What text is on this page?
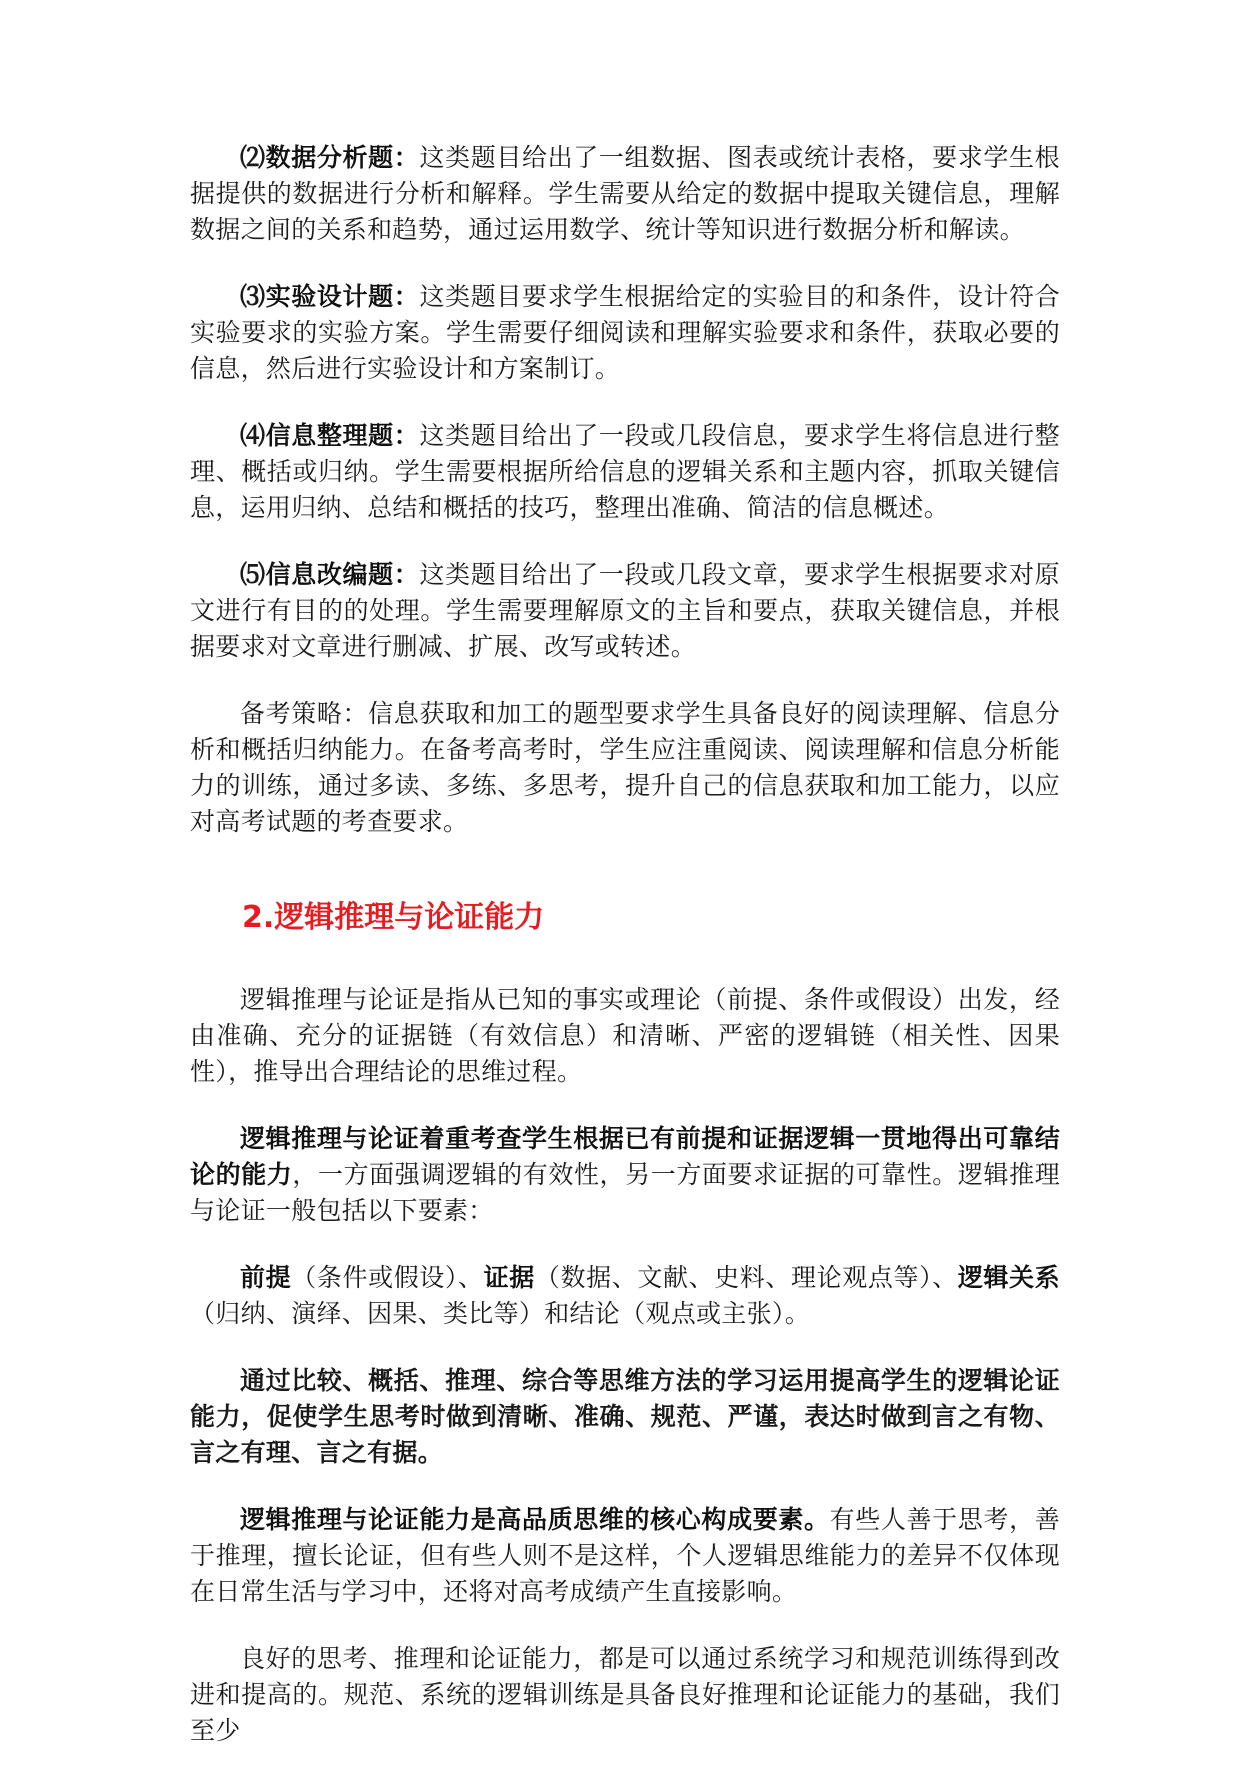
⑵数据分析题：这类题目给出了一组数据、图表或统计表格，要求学生根据提供的数据进行分析和解释。学生需要从给定的数据中提取关键信息，理解数据之间的关系和趋势，通过运用数学、统计等知识进行数据分析和解读。

⑶实验设计题：这类题目要求学生根据给定的实验目的和条件，设计符合实验要求的实验方案。学生需要仔细阅读和理解实验要求和条件，获取必要的信息，然后进行实验设计和方案制订。

⑷信息整理题：这类题目给出了一段或几段信息，要求学生将信息进行整理、概括或归纳。学生需要根据所给信息的逻辑关系和主题内容，抓取关键信息，运用归纳、总结和概括的技巧，整理出准确、简洁的信息概述。

⑸信息改编题：这类题目给出了一段或几段文章，要求学生根据要求对原文进行有目的的处理。学生需要理解原文的主旨和要点，获取关键信息，并根据要求对文章进行删减、扩展、改写或转述。

备考策略：信息获取和加工的题型要求学生具备良好的阅读理解、信息分析和概括归纳能力。在备考高考时，学生应注重阅读、阅读理解和信息分析能力的训练，通过多读、多练、多思考，提升自己的信息获取和加工能力，以应对高考试题的考查要求。

2.逻辑推理与论证能力

逻辑推理与论证是指从已知的事实或理论（前提、条件或假设）出发，经由准确、充分的证据链（有效信息）和清晰、严密的逻辑链（相关性、因果性），推导出合理结论的思维过程。

逻辑推理与论证着重考查学生根据已有前提和证据逻辑一贯地得出可靠结论的能力，一方面强调逻辑的有效性，另一方面要求证据的可靠性。逻辑推理与论证一般包括以下要素：

前提（条件或假设）、证据（数据、文献、史料、理论观点等）、逻辑关系（归纳、演绎、因果、类比等）和结论（观点或主张）。

通过比较、概括、推理、综合等思维方法的学习运用提高学生的逻辑论证能力，促使学生思考时做到清晰、准确、规范、严谨，表达时做到言之有物、言之有理、言之有据。

逻辑推理与论证能力是高品质思维的核心构成要素。有些人善于思考，善于推理，擅长论证，但有些人则不是这样，个人逻辑思维能力的差异不仅体现在日常生活与学习中，还将对高考成绩产生直接影响。

良好的思考、推理和论证能力，都是可以通过系统学习和规范训练得到改进和提高的。规范、系统的逻辑训练是具备良好推理和论证能力的基础，我们至少
